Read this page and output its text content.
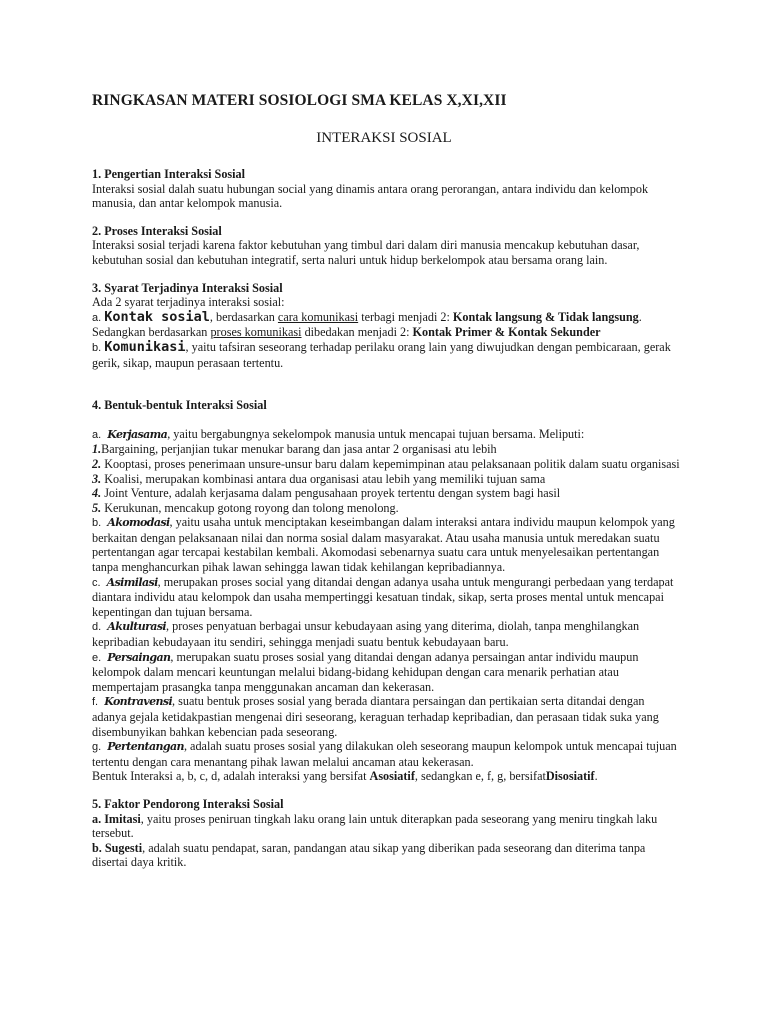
RINGKASAN MATERI SOSIOLOGI SMA KELAS X,XI,XII
INTERAKSI SOSIAL

1. Pengertian Interaksi Sosial

Interaksi sosial dalah suatu hubungan social yang dinamis antara orang perorangan, antara individu dan kelompok manusia, dan antar kelompok manusia.

2. Proses Interaksi Sosial

Interaksi sosial terjadi karena faktor kebutuhan yang timbul dari dalam diri manusia mencakup kebutuhan dasar, kebutuhan sosial dan kebutuhan integratif, serta naluri untuk hidup berkelompok atau bersama orang lain.

3. Syarat Terjadinya Interaksi Sosial

Ada 2 syarat terjadinya interaksi sosial:

a. Kontak sosial, berdasarkan cara komunikasi terbagi menjadi 2: Kontak langsung & Tidak langsung.

Sedangkan berdasarkan proses komunikasi dibedakan menjadi 2: Kontak Primer & Kontak Sekunder

b. Komunikasi, yaitu tafsiran seseorang terhadap perilaku orang lain yang diwujudkan dengan pembicaraan, gerak gerik, sikap, maupun perasaan tertentu.

4. Bentuk-bentuk Interaksi Sosial

a. Kerjasama, yaitu bergabungnya sekelompok manusia untuk mencapai tujuan bersama. Meliputi:

1.Bargaining, perjanjian tukar menukar barang dan jasa antar 2 organisasi atu lebih

2. Kooptasi, proses penerimaan unsure-unsur baru dalam kepemimpinan atau pelaksanaan politik dalam suatu organisasi

3. Koalisi, merupakan kombinasi antara dua organisasi atau lebih yang memiliki tujuan sama

4. Joint Venture, adalah kerjasama dalam pengusahaan proyek tertentu dengan system bagi hasil

5. Kerukunan, mencakup gotong royong dan tolong menolong.

b. Akomodasi, yaitu usaha untuk menciptakan keseimbangan dalam interaksi antara individu maupun kelompok yang berkaitan dengan pelaksanaan nilai dan norma sosial dalam masyarakat. Atau usaha manusia untuk meredakan suatu pertentangan agar tercapai kestabilan kembali. Akomodasi sebenarnya suatu cara untuk menyelesaikan pertentangan tanpa menghancurkan pihak lawan sehingga lawan tidak kehilangan kepribadiannya.

c. Asimilasi, merupakan proses social yang ditandai dengan adanya usaha untuk mengurangi perbedaan yang terdapat diantara individu atau kelompok dan usaha mempertinggi kesatuan tindak, sikap, serta proses mental untuk mencapai kepentingan dan tujuan bersama.

d. Akulturasi, proses penyatuan berbagai unsur kebudayaan asing yang diterima, diolah, tanpa menghilangkan kepribadian kebudayaan itu sendiri, sehingga menjadi suatu bentuk kebudayaan baru.

e. Persaingan, merupakan suatu proses sosial yang ditandai dengan adanya persaingan antar individu maupun kelompok dalam mencari keuntungan melalui bidang-bidang kehidupan dengan cara menarik perhatian atau mempertajam prasangka tanpa menggunakan ancaman dan kekerasan.

f. Kontravensi, suatu bentuk proses sosial yang berada diantara persaingan dan pertikaian serta ditandai dengan adanya gejala ketidakpastian mengenai diri seseorang, keraguan terhadap kepribadian, dan perasaan tidak suka yang disembunyikan bahkan kebencian pada seseorang.

g. Pertentangan, adalah suatu proses sosial yang dilakukan oleh seseorang maupun kelompok untuk mencapai tujuan tertentu dengan cara menantang pihak lawan melalui ancaman atau kekerasan.

Bentuk Interaksi a, b, c, d, adalah interaksi yang bersifat Asosiatif, sedangkan e, f, g, bersifatDisosiatif.

5. Faktor Pendorong Interaksi Sosial

a. Imitasi, yaitu proses peniruan tingkah laku orang lain untuk diterapkan pada seseorang yang meniru tingkah laku tersebut.

b. Sugesti, adalah suatu pendapat, saran, pandangan atau sikap yang diberikan pada seseorang dan diterima tanpa disertai daya kritik.
